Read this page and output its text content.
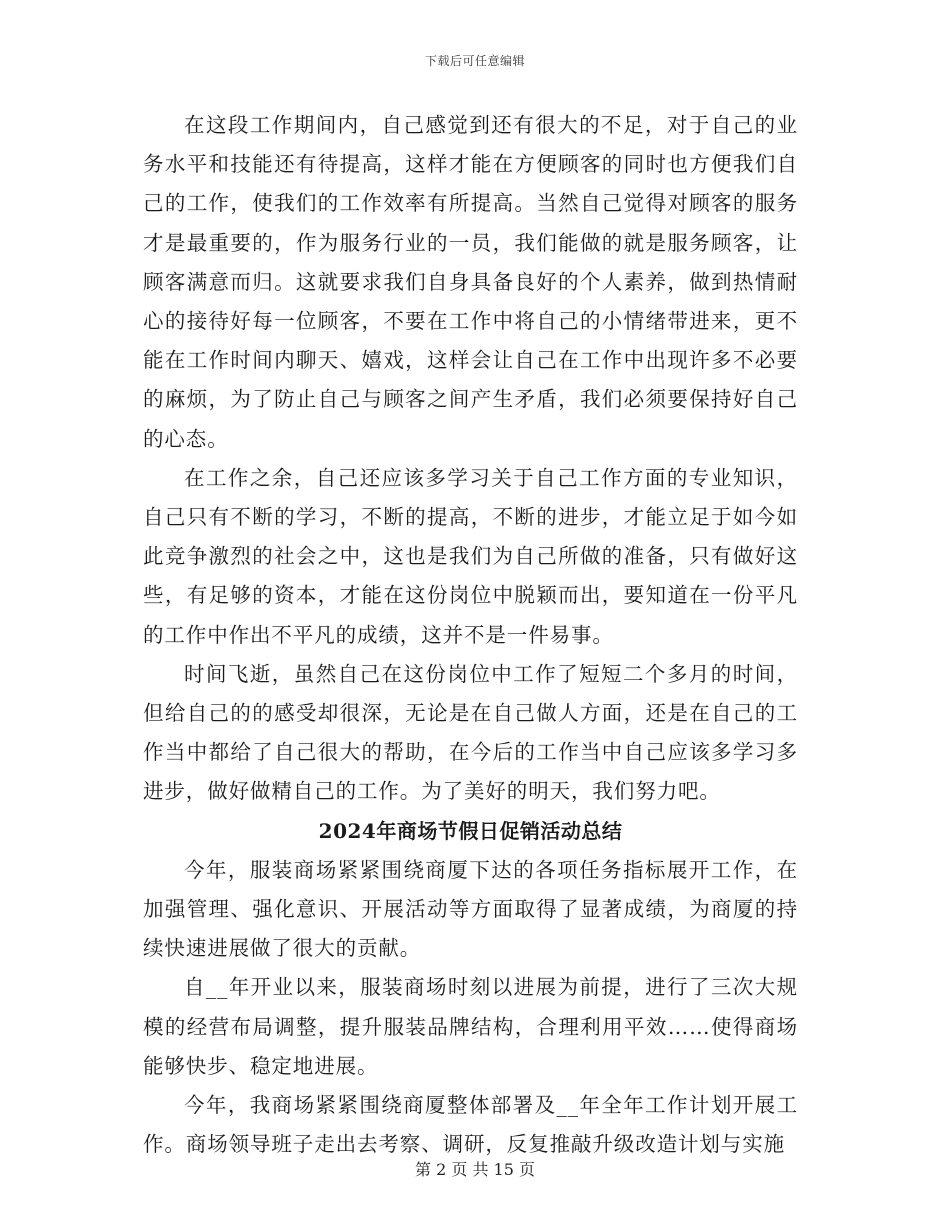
下载后可任意编辑

在这段工作期间内，自己感觉到还有很大的不足，对于自己的业务水平和技能还有待提高，这样才能在方便顾客的同时也方便我们自己的工作，使我们的工作效率有所提高。当然自己觉得对顾客的服务才是最重要的，作为服务行业的一员，我们能做的就是服务顾客，让顾客满意而归。这就要求我们自身具备良好的个人素养，做到热情耐心的接待好每一位顾客，不要在工作中将自己的小情绪带进来，更不能在工作时间内聊天、嬉戏，这样会让自己在工作中出现许多不必要的麻烦，为了防止自己与顾客之间产生矛盾，我们必须要保持好自己的心态。

在工作之余，自己还应该多学习关于自己工作方面的专业知识，自己只有不断的学习，不断的提高，不断的进步，才能立足于如今如此竞争激烈的社会之中，这也是我们为自己所做的准备，只有做好这些，有足够的资本，才能在这份岗位中脱颖而出，要知道在一份平凡的工作中作出不平凡的成绩，这并不是一件易事。

时间飞逝，虽然自己在这份岗位中工作了短短二个多月的时间，但给自己的的感受却很深，无论是在自己做人方面，还是在自己的工作当中都给了自己很大的帮助，在今后的工作当中自己应该多学习多进步，做好做精自己的工作。为了美好的明天，我们努力吧。

2024年商场节假日促销活动总结

今年，服装商场紧紧围绕商厦下达的各项任务指标展开工作，在加强管理、强化意识、开展活动等方面取得了显著成绩，为商厦的持续快速进展做了很大的贡献。

自__年开业以来，服装商场时刻以进展为前提，进行了三次大规模的经营布局调整，提升服装品牌结构，合理利用平效……使得商场能够快步、稳定地进展。

今年，我商场紧紧围绕商厦整体部署及__年全年工作计划开展工作。商场领导班子走出去考察、调研，反复推敲升级改造计划与实施

第 2 页 共 15 页
